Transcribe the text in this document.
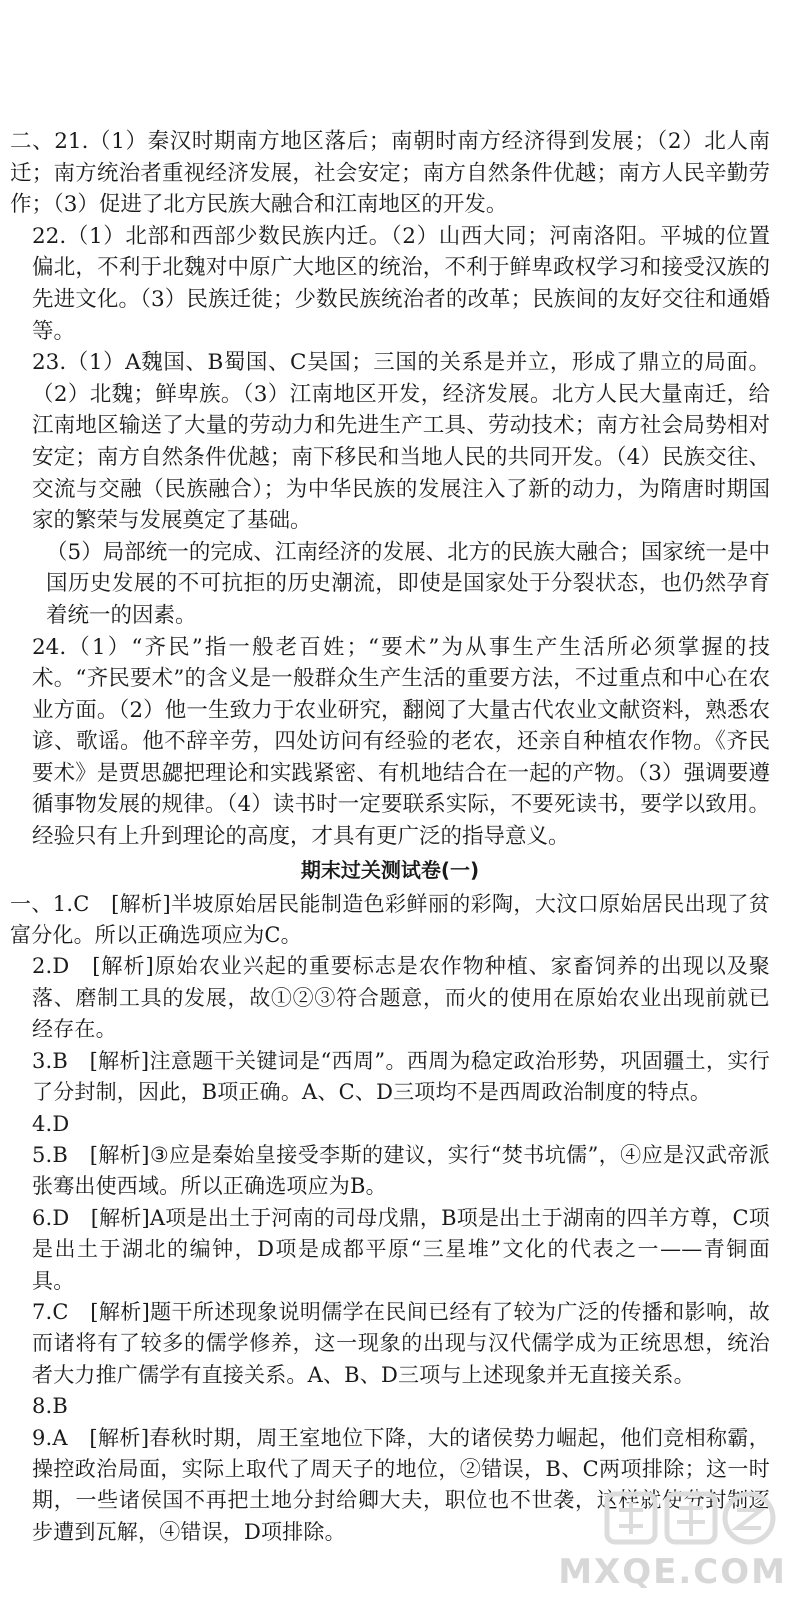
二、21.（1）秦汉时期南方地区落后；南朝时南方经济得到发展；（2）北人南迁；南方统治者重视经济发展，社会安定；南方自然条件优越；南方人民辛勤劳作；（3）促进了北方民族大融合和江南地区的开发。

22.（1）北部和西部少数民族内迁。（2）山西大同；河南洛阳。平城的位置偏北，不利于北魏对中原广大地区的统治，不利于鲜卑政权学习和接受汉族的先进文化。（3）民族迁徙；少数民族统治者的改革；民族间的友好交往和通婚等。

23.（1）A魏国、B蜀国、C吴国；三国的关系是并立，形成了鼎立的局面。（2）北魏；鲜卑族。（3）江南地区开发，经济发展。北方人民大量南迁，给江南地区输送了大量的劳动力和先进生产工具、劳动技术；南方社会局势相对安定；南方自然条件优越；南下移民和当地人民的共同开发。（4）民族交往、交流与交融（民族融合）；为中华民族的发展注入了新的动力，为隋唐时期国家的繁荣与发展奠定了基础。

（5）局部统一的完成、江南经济的发展、北方的民族大融合；国家统一是中国历史发展的不可抗拒的历史潮流，即使是国家处于分裂状态，也仍然孕育着统一的因素。

24.（1）“齐民”指一般老百姓；“要术”为从事生产生活所必须掌握的技术。“齐民要术”的含义是一般群众生产生活的重要方法，不过重点和中心在农业方面。（2）他一生致力于农业研究，翻阅了大量古代农业文献资料，熟悉农谚、歌谣。他不辞辛劳，四处访问有经验的老农，还亲自种植农作物。《齐民要术》是贾思勰把理论和实践紧密、有机地结合在一起的产物。（3）强调要遵循事物发展的规律。（4）读书时一定要联系实际，不要死读书，要学以致用。经验只有上升到理论的高度，才具有更广泛的指导意义。

期末过关测试卷(一)

一、1.C　[解析]半坡原始居民能制造色彩鲜丽的彩陶，大汶口原始居民出现了贫富分化。所以正确选项应为C。

2.D　[解析]原始农业兴起的重要标志是农作物种植、家畜饲养的出现以及聚落、磨制工具的发展，故①②③符合题意，而火的使用在原始农业出现前就已经存在。

3.B　[解析]注意题干关键词是“西周”。西周为稳定政治形势，巩固疆土，实行了分封制，因此，B项正确。A、C、D三项均不是西周政治制度的特点。

4.D

5.B　[解析]③应是秦始皇接受李斯的建议，实行“焚书坑儒”，④应是汉武帝派张骞出使西域。所以正确选项应为B。

6.D　[解析]A项是出土于河南的司母戊鼎，B项是出土于湖南的四羊方尊，C项是出土于湖北的编钟，D项是成都平原“三星堆”文化的代表之一——青铜面具。

7.C　[解析]题干所述现象说明儒学在民间已经有了较为广泛的传播和影响，故而诸将有了较多的儒学修养，这一现象的出现与汉代儒学成为正统思想，统治者大力推广儒学有直接关系。A、B、D三项与上述现象并无直接关系。

8.B

9.A　[解析]春秋时期，周王室地位下降，大的诸侯势力崛起，他们竞相称霸，操控政治局面，实际上取代了周天子的地位，②错误，B、C两项排除；这一时期，一些诸侯国不再把土地分封给卿大夫，职位也不世袭，这样就使分封制逐步遭到瓦解，④错误，D项排除。

MXQE.COM
